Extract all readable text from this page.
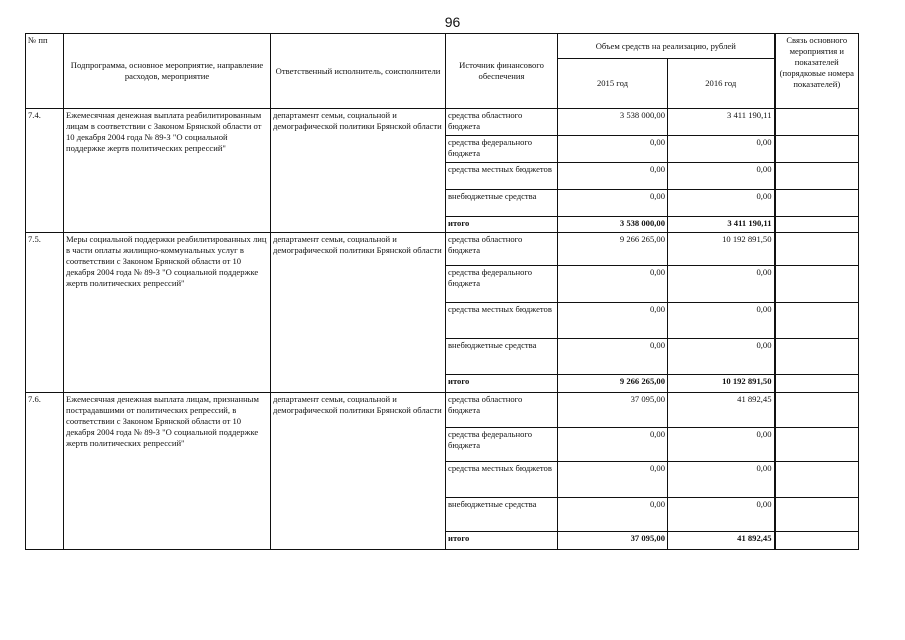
96
№ пп	Подпрограмма, основное мероприятие, направление расходов, мероприятие	Ответственный исполнитель, соисполнители	Источник финансового обеспечения	Объем средств на реализацию, рублей		Связь основного мероприятия и показателей (порядковые номера показателей)
				2015 год	2016 год	
7.4.	Ежемесячная денежная выплата реабилитированным лицам в соответствии с Законом Брянской области от 10 декабря 2004 года № 89-З "О социальной поддержке жертв политических репрессий"	департамент семьи, социальной и демографической политики Брянской области	средства областного бюджета	3 538 000,00	3 411 190,11	
			средства федерального бюджета	0,00	0,00	
			средства местных бюджетов	0,00	0,00	
			внебюджетные средства	0,00	0,00	
			итого	3 538 000,00	3 411 190,11	
7.5.	Меры социальной поддержки реабилитированных лиц в части оплаты жилищно-коммунальных услуг в соответствии с Законом Брянской области от 10 декабря 2004 года № 89-З "О социальной поддержке жертв политических репрессий"	департамент семьи, социальной и демографической политики Брянской области	средства областного бюджета	9 266 265,00	10 192 891,50	
			средства федерального бюджета	0,00	0,00	
			средства местных бюджетов	0,00	0,00	
			внебюджетные средства	0,00	0,00	
			итого	9 266 265,00	10 192 891,50	
7.6.	Ежемесячная денежная выплата лицам, признанным пострадавшими от политических репрессий, в соответствии с Законом Брянской области от 10 декабря 2004 года № 89-З "О социальной поддержке жертв политических репрессий"	департамент семьи, социальной и демографической политики Брянской области	средства областного бюджета	37 095,00	41 892,45	
			средства федерального бюджета	0,00	0,00	
			средства местных бюджетов	0,00	0,00	
			внебюджетные средства	0,00	0,00	
			итого	37 095,00	41 892,45	
